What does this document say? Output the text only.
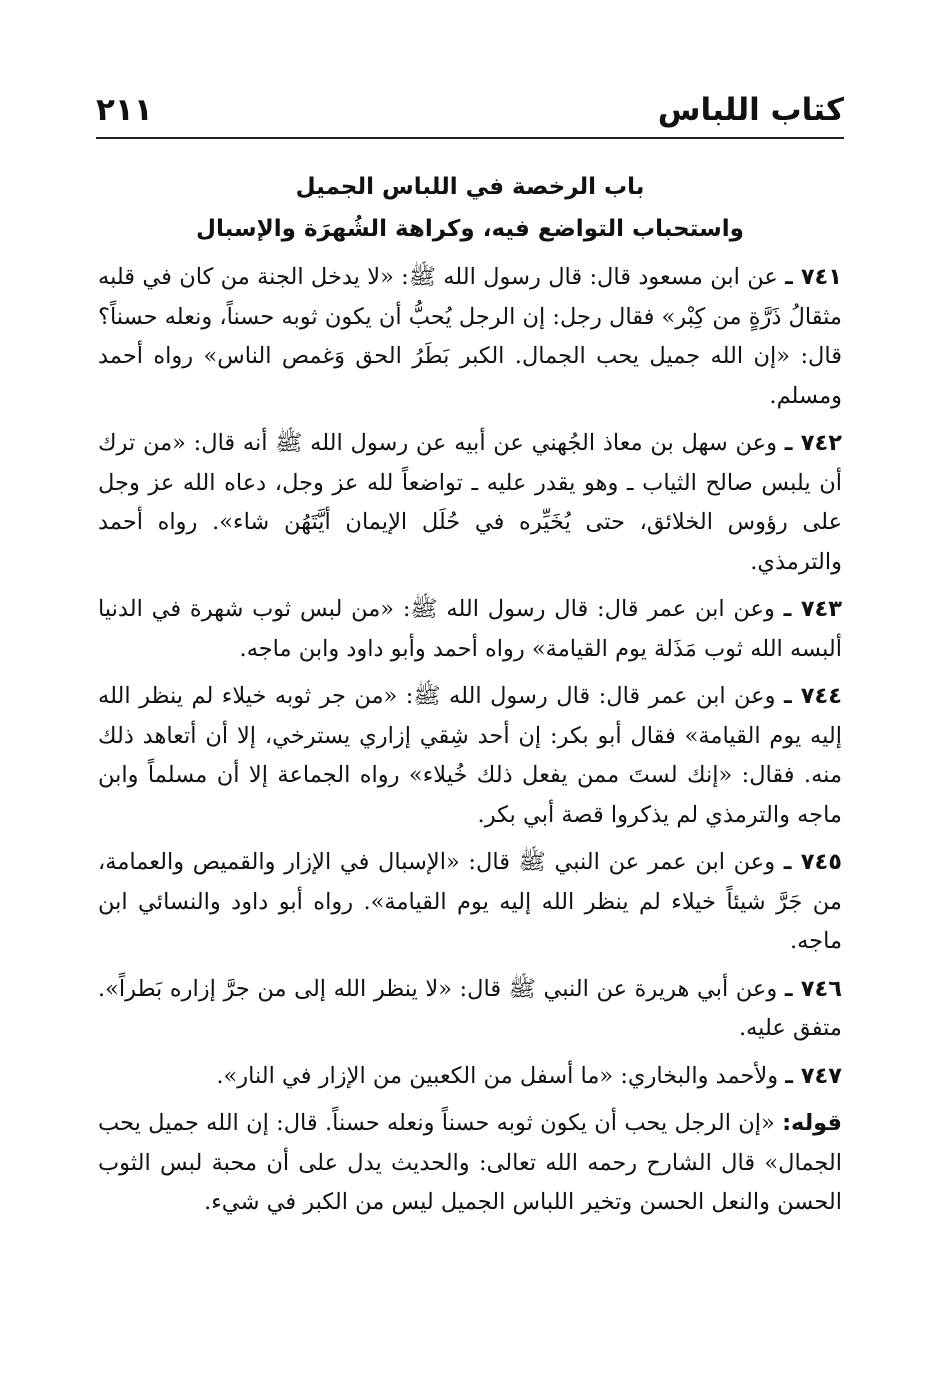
كتاب اللباس
٢١١
باب الرخصة في اللباس الجميل
واستحباب التواضع فيه، وكراهة الشُهرَة والإسبال

٧٤١ ـ عن ابن مسعود قال: قال رسول الله ﷺ: «لا يدخل الجنة من كان في قلبه مثقالُ ذَرَّةٍ من كِبْر» فقال رجل: إن الرجل يُحبُّ أن يكون ثوبه حسناً، ونعله حسناً؟ قال: «إن الله جميل يحب الجمال. الكبر بَطَرُ الحق وَغمص الناس» رواه أحمد ومسلم.

٧٤٢ ـ وعن سهل بن معاذ الجُهني عن أبيه عن رسول الله ﷺ أنه قال: «من ترك أن يلبس صالح الثياب ـ وهو يقدر عليه ـ تواضعاً لله عز وجل، دعاه الله عز وجل على رؤوس الخلائق، حتى يُخَيِّره في حُلَل الإيمان أيَّتَهُن شاء». رواه أحمد والترمذي.

٧٤٣ ـ وعن ابن عمر قال: قال رسول الله ﷺ: «من لبس ثوب شهرة في الدنيا ألبسه الله ثوب مَذَلة يوم القيامة» رواه أحمد وأبو داود وابن ماجه.

٧٤٤ ـ وعن ابن عمر قال: قال رسول الله ﷺ: «من جر ثوبه خيلاء لم ينظر الله إليه يوم القيامة» فقال أبو بكر: إن أحد شِقي إزاري يسترخي، إلا أن أتعاهد ذلك منه. فقال: «إنك لستَ ممن يفعل ذلك خُيلاء» رواه الجماعة إلا أن مسلماً وابن ماجه والترمذي لم يذكروا قصة أبي بكر.

٧٤٥ ـ وعن ابن عمر عن النبي ﷺ قال: «الإسبال في الإزار والقميص والعمامة، من جَرَّ شيئاً خيلاء لم ينظر الله إليه يوم القيامة». رواه أبو داود والنسائي ابن ماجه.

٧٤٦ ـ وعن أبي هريرة عن النبي ﷺ قال: «لا ينظر الله إلى من جرَّ إزاره بَطراً». متفق عليه.

٧٤٧ ـ ولأحمد والبخاري: «ما أسفل من الكعبين من الإزار في النار».

قوله: «إن الرجل يحب أن يكون ثوبه حسناً ونعله حسناً. قال: إن الله جميل يحب الجمال» قال الشارح رحمه الله تعالى: والحديث يدل على أن محبة لبس الثوب الحسن والنعل الحسن وتخير اللباس الجميل ليس من الكبر في شيء.
